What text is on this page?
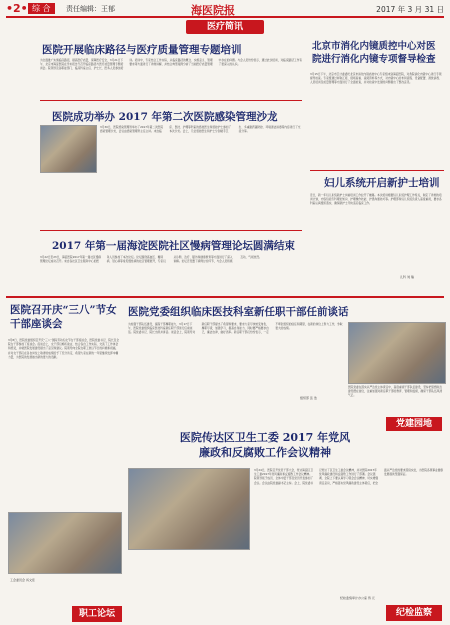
•2• 综 合	责任编辑：王郁	海医院报	2017 年 3 月 31 日
医疗简讯
医院开展临床路径与医疗质量管理专题培训
为全面推广实施临床路径，提高医疗质量，保障医疗安全，3月21日下午，北京市海淀医院在学术报告厅召开临床路径与医疗质量管理专题培训会。院领导及各职能部门、临床科室主任、护士长、医务人员参加培训。培训中，专家结合工作实际，从临床路径的概念、实施意义、管理要求等方面进行了详细讲解，并结合典型案例分析了当前医疗质量管理中存在的问题。与会人员纷纷表示，通过此次培训，对临床路径工作有了更深入的认识。
医院成功举办 2017 年第二次医院感染管理沙龙
3月30日，医院感染管理科举办了2017年第二次医院感染管理沙龙，会议由感染管理科主任主持。来自临床、医技、护理等科室的感控医生和感控护士参加了本次沙龙。会上，几位感控医生和护士分别就手卫生、多重耐药菌防控、环境清洁消毒等内容进行了交流分享。
2017 年第一届海淀医院社区慢病管理论坛圆满结束
3月22日至23日，海淀医院2017年第一届社区慢病管理论坛成功召开。来自各社区卫生服务中心的医务人员参加了本次论坛。论坛围绕高血压、糖尿病、冠心病等常见慢性病的社区管理展开，专家们从诊断、治疗、随访和健康教育等方面进行了深入讲解。论坛还设置了病例讨论环节，与会人员积极互动，气氛热烈。
北京市消化内镜质控中心对医院进行消化内镜专项督导检查
3月15日下午，北京市卫计委委托北京市消化内镜质控中心专家组来到海淀医院，对我院消化内镜中心进行专项督导检查。专家组通过听取汇报、现场查看、查阅资料等方式，对内镜中心的布局流程、设备配置、清洗消毒、人员培训及质量管理等方面进行了全面检查，并对检查中发现的问题提出了整改意见。
妇儿系统开启新护士培训
近日，新一年妇儿系统新护士岗前培训工作拉开了帷幕。本次培训根据妇儿系统护理工作特点，制定了详细的培训计划，内容包括专科理论知识、护理操作技能、护患沟通技巧等。护理部和妇儿系统负责人高度重视，要求各科室认真组织落实，确保新护士尽快适应临床工作。
儿科 刘 瑞
医院召开庆“三八”节女干部座谈会
3月8日，医院党委组织召开庆“三八”国际劳动妇女节女干部座谈会，医院党委书记、院长及全院女干部参加了座谈会。座谈会上，女干部们畅所欲言，结合各自工作实际，交流了工作体会和感受，并就医院发展建设提出了意见和建议。院领导向全院女职工致以节日的问候和祝福，并对女干部们在各自岗位上取得的成绩给予了充分肯定，希望大家在新的一年里继续发挥巾帼力量，为医院的发展做出新的更大的贡献。
工会委员会 汤文佳
职工论坛
医院党委组织临床医技科室新任职干部任前谈话
为加强干部队伍建设，提高干部履职能力，3月17日下午，医院党委组织临床医技科室新任职干部进行任前谈话。院党委书记、院长出席并讲话。谈话会上，院领导对新任职干部提出了希望和要求，要求大家尽快转变角色，履职尽责，加强学习，提高自身能力，同时要严格要求自己，廉洁自律，做好表率。新任职干部们纷纷表示，一定不辜负组织的信任和期望，在新的岗位上努力工作，争取更大的成绩。
医院党委在落实从严治党主体责任中，高度重视干部队伍建设，坚持把思想政治建设摆在首位，注重加强对新任职干部的教育、管理和监督，确保干部队伍风清气正。
党建园地
组织部 张 浩
医院传达区卫生工委 2017 年党风廉政和反腐败工作会议精神
3月24日，医院召开党员干部大会，传达海淀区卫生工委2017年党风廉政和反腐败工作会议精神。院领导班子成员、全体中层干部及党员代表参加了会议。会议由院党委副书记主持。会上，院党委书记传达了区卫生工委会议精神，并对医院2017年党风廉政建设和反腐败工作进行了部署。会议强调，全院上下要认真学习领会会议精神，切实增强责任意识，严格落实党风廉政建设主体责任，把全面从严治党的要求落到实处，为医院各项事业健康发展提供坚强保证。
纪检监察审计办公室 佟 元
纪检监察
